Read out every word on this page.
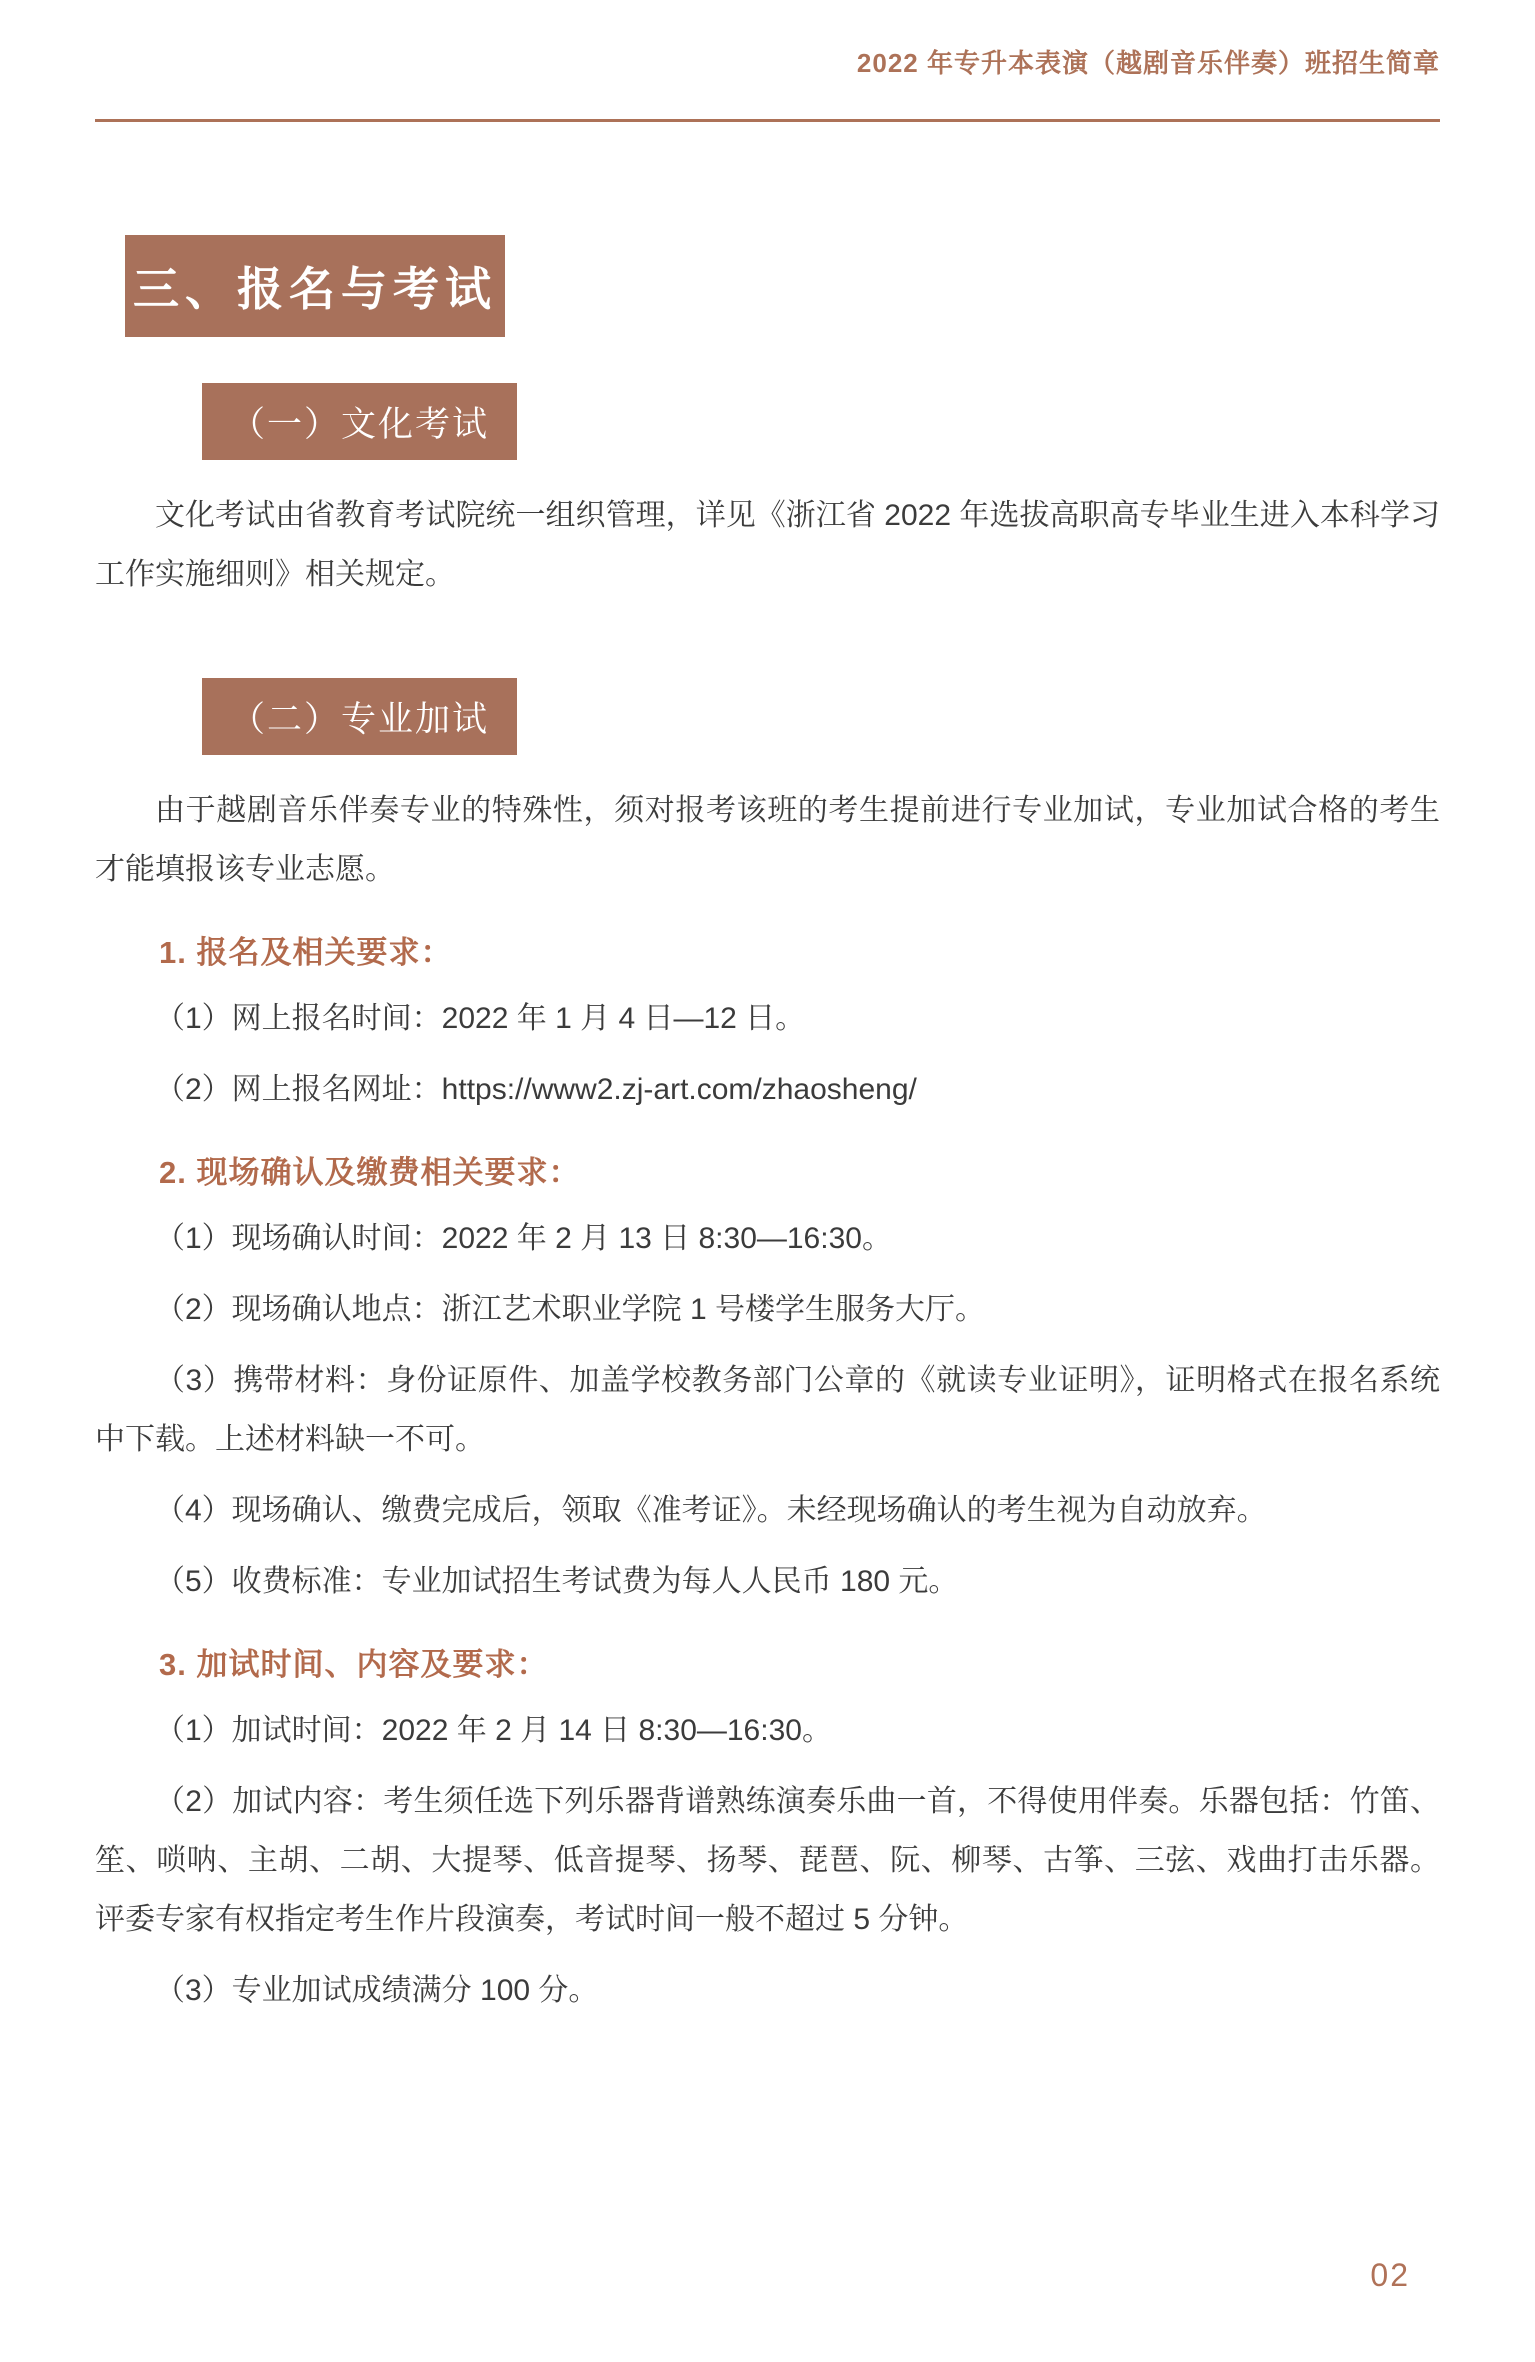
2022 年专升本表演（越剧音乐伴奏）班招生简章
三、报名与考试
（一）文化考试

文化考试由省教育考试院统一组织管理，详见《浙江省 2022 年选拔高职高专毕业生进入本科学习工作实施细则》相关规定。

（二）专业加试

由于越剧音乐伴奏专业的特殊性，须对报考该班的考生提前进行专业加试，专业加试合格的考生才能填报该专业志愿。

1. 报名及相关要求：

（1）网上报名时间：2022 年 1 月 4 日—12 日。

（2）网上报名网址：https://www2.zj-art.com/zhaosheng/

2. 现场确认及缴费相关要求：

（1）现场确认时间：2022 年 2 月 13 日 8:30—16:30。

（2）现场确认地点：浙江艺术职业学院 1 号楼学生服务大厅。

（3）携带材料：身份证原件、加盖学校教务部门公章的《就读专业证明》，证明格式在报名系统中下载。上述材料缺一不可。

（4）现场确认、缴费完成后，领取《准考证》。未经现场确认的考生视为自动放弃。

（5）收费标准：专业加试招生考试费为每人人民币 180 元。

3. 加试时间、内容及要求：

（1）加试时间：2022 年 2 月 14 日 8:30—16:30。

（2）加试内容：考生须任选下列乐器背谱熟练演奏乐曲一首，不得使用伴奏。乐器包括：竹笛、笙、唢呐、主胡、二胡、大提琴、低音提琴、扬琴、琵琶、阮、柳琴、古筝、三弦、戏曲打击乐器。评委专家有权指定考生作片段演奏，考试时间一般不超过 5 分钟。

（3）专业加试成绩满分 100 分。

02
